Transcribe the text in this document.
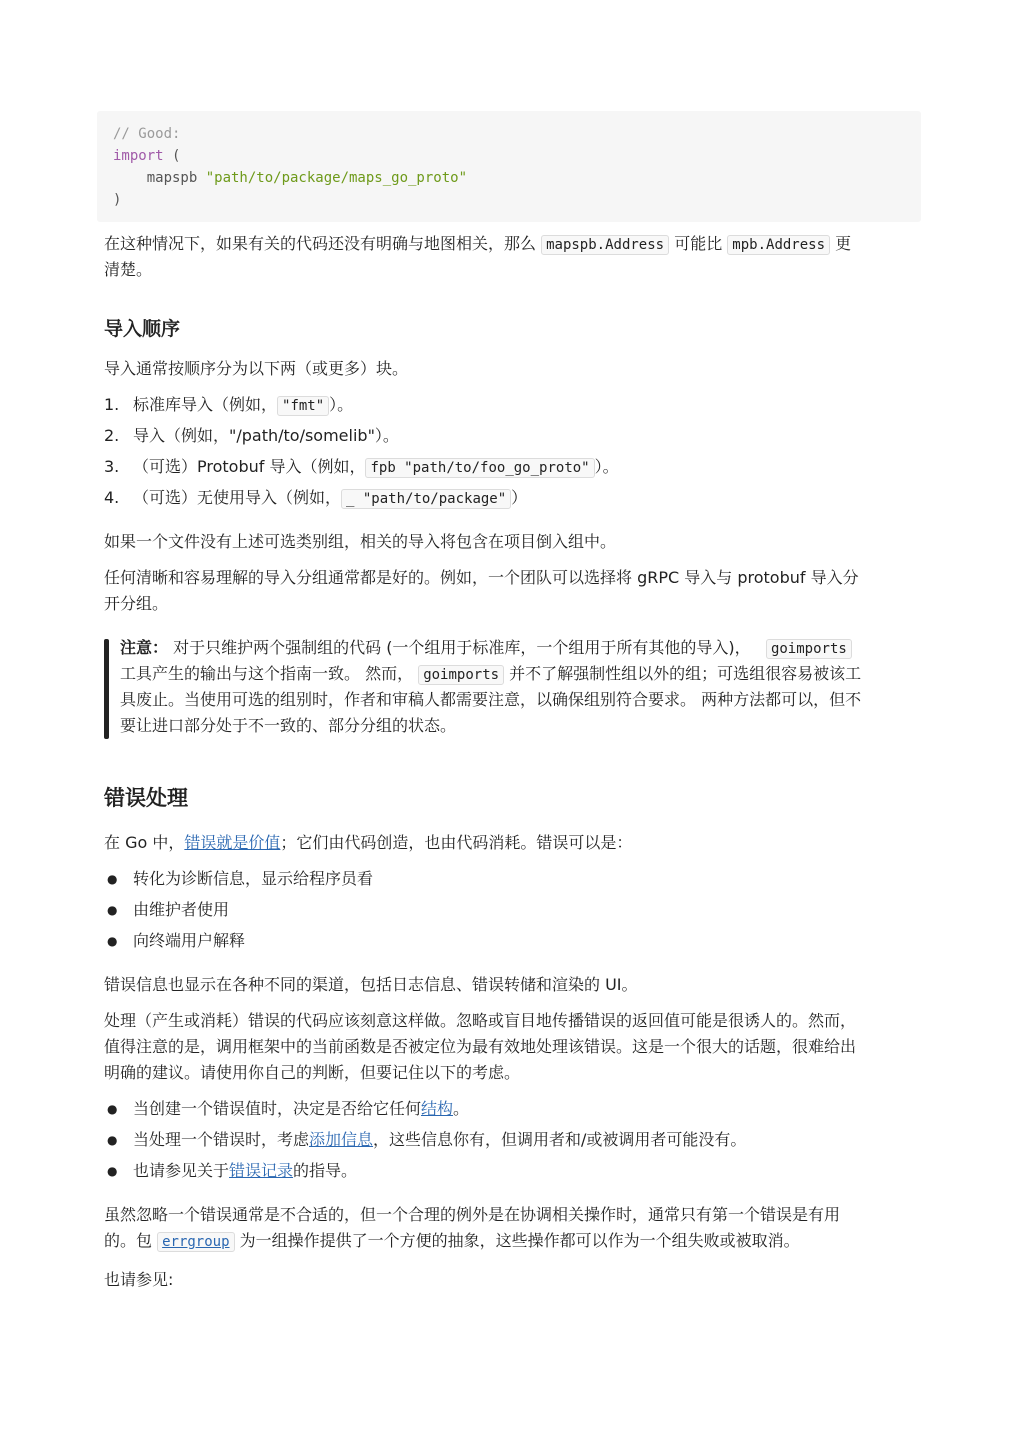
// Good:
import (
mapspb "path/to/package/maps_go_proto"
)
在这种情况下，如果有关的代码还没有明确与地图相关，那么 mapspb.Address 可能比 mpb.Address 更
清楚。
导入顺序
导入通常按顺序分为以下两（或更多）块。
1. 标准库导入（例如， "fmt" ）。
2. 导入（例如，"/path/to/somelib"）。
3. （可选）Protobuf 导入（例如， fpb "path/to/foo_go_proto" ）。
4. （可选）无使用导入（例如， _ "path/to/package" ）
如果一个文件没有上述可选类别组，相关的导入将包含在项目倒入组中。
任何清晰和容易理解的导入分组通常都是好的。例如，一个团队可以选择将 gRPC 导入与 protobuf 导入分
开分组。
注意： 对于只维护两个强制组的代码 (一个组用于标准库，一个组用于所有其他的导入)， goimports
工具产生的输出与这个指南一致。 然而， goimports 并不了解强制性组以外的组；可选组很容易被该工
具废止。当使用可选的组别时，作者和审稿人都需要注意，以确保组别符合要求。 两种方法都可以，但不
要让进口部分处于不一致的、部分分组的状态。
错误处理
在 Go 中，错误就是价值；它们由代码创造，也由代码消耗。错误可以是：
● 转化为诊断信息，显示给程序员看
● 由维护者使用
● 向终端用户解释
错误信息也显示在各种不同的渠道，包括日志信息、错误转储和渲染的 UI。
处理（产生或消耗）错误的代码应该刻意这样做。忽略或盲目地传播错误的返回值可能是很诱人的。然而，
值得注意的是，调用框架中的当前函数是否被定位为最有效地处理该错误。这是一个很大的话题，很难给出
明确的建议。请使用你自己的判断，但要记住以下的考虑。
● 当创建一个错误值时，决定是否给它任何结构。
● 当处理一个错误时，考虑添加信息，这些信息你有，但调用者和/或被调用者可能没有。
● 也请参见关于错误记录的指导。
虽然忽略一个错误通常是不合适的，但一个合理的例外是在协调相关操作时，通常只有第一个错误是有用
的。包 errgroup 为一组操作提供了一个方便的抽象，这些操作都可以作为一个组失败或被取消。
也请参见:
